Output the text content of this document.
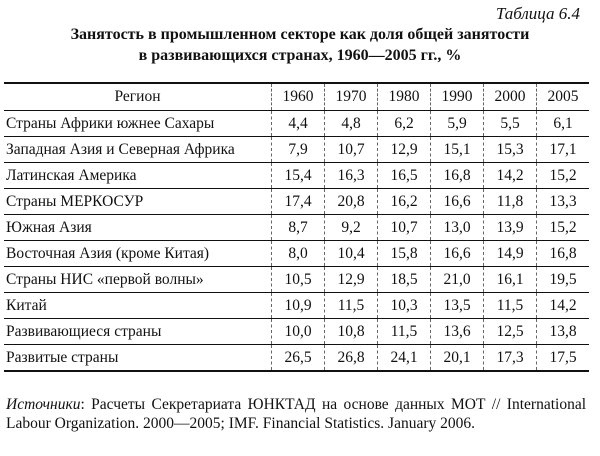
Таблица 6.4
Занятость в промышленном секторе как доля общей занятости
в развивающихся странах, 1960—2005 гг., %
Регион	1960	1970	1980	1990	2000	2005
Страны Африки южнее Сахары	4,4	4,8	6,2	5,9	5,5	6,1
Западная Азия и Северная Африка	7,9	10,7	12,9	15,1	15,3	17,1
Латинская Америка	15,4	16,3	16,5	16,8	14,2	15,2
Страны МЕРКОСУР	17,4	20,8	16,2	16,6	11,8	13,3
Южная Азия	8,7	9,2	10,7	13,0	13,9	15,2
Восточная Азия (кроме Китая)	8,0	10,4	15,8	16,6	14,9	16,8
Страны НИС «первой волны»	10,5	12,9	18,5	21,0	16,1	19,5
Китай	10,9	11,5	10,3	13,5	11,5	14,2
Развивающиеся страны	10,0	10,8	11,5	13,6	12,5	13,8
Развитые страны	26,5	26,8	24,1	20,1	17,3	17,5
Источники: Расчеты Секретариата ЮНКТАД на основе данных МОТ // International Labour Organization. 2000—2005; IMF. Financial Statistics. January 2006.
